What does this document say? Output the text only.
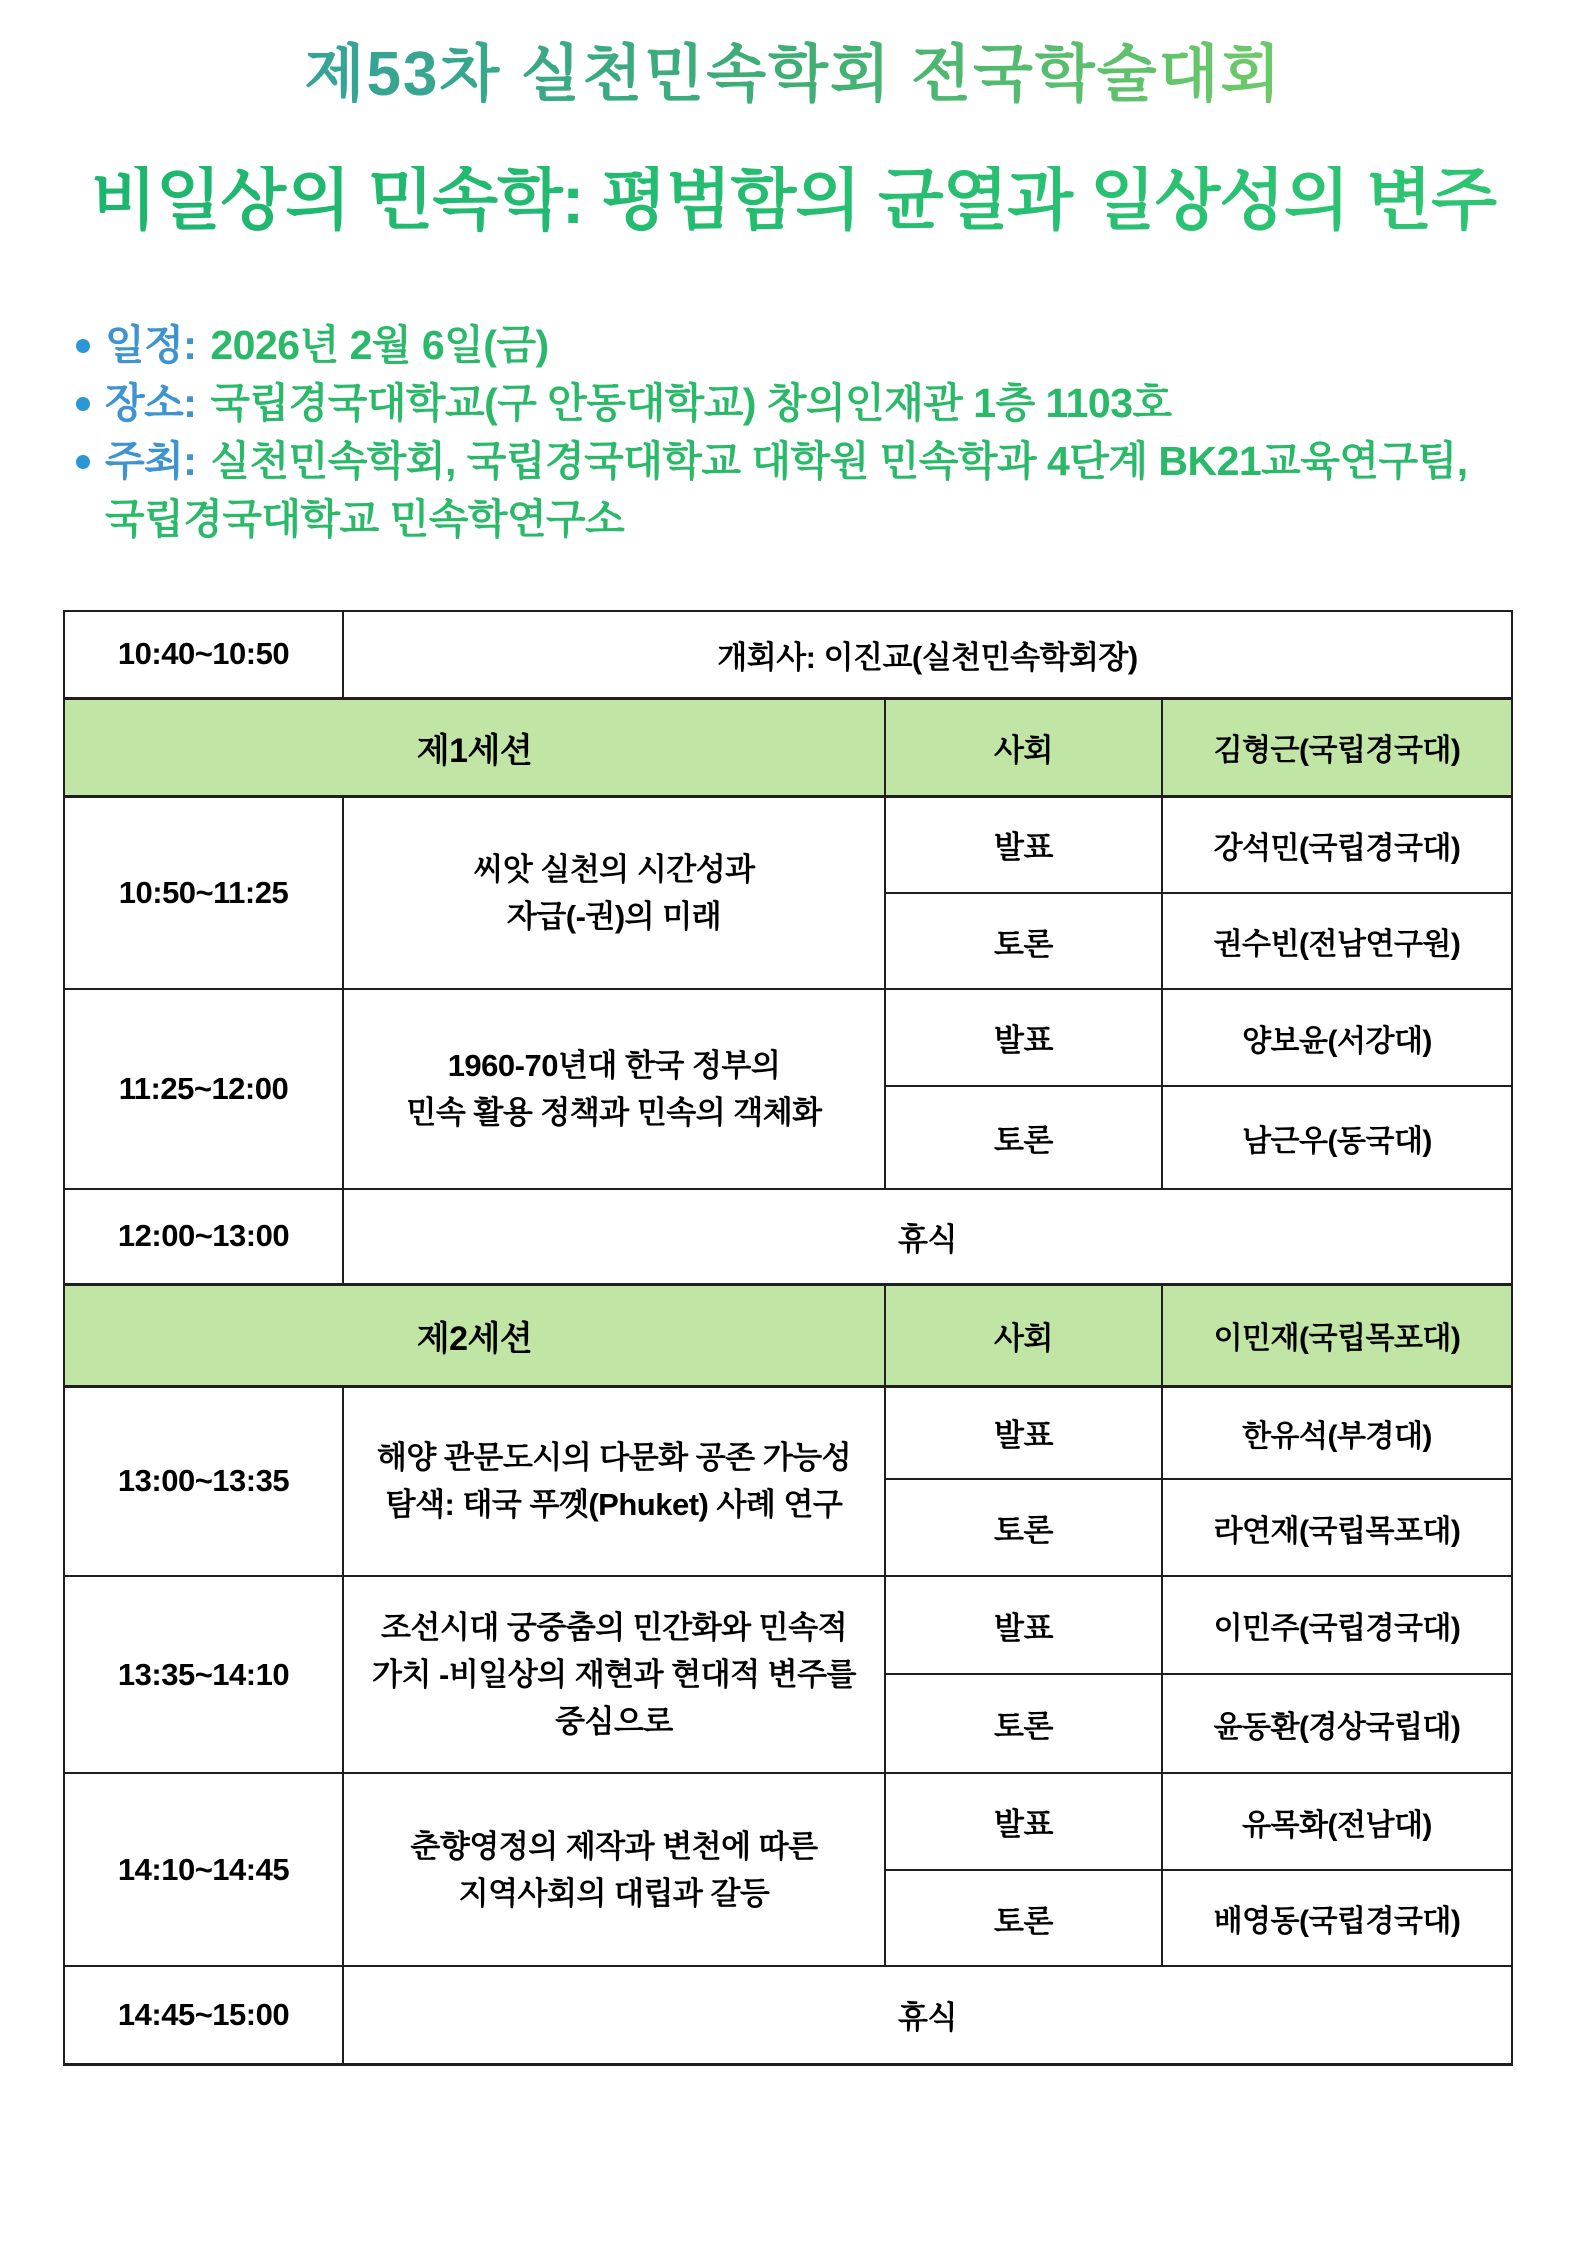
제53차 실천민속학회 전국학술대회
비일상의 민속학: 평범함의 균열과 일상성의 변주
일정: 2026년 2월 6일(금)
장소: 국립경국대학교(구 안동대학교) 창의인재관 1층 1103호
주최: 실천민속학회, 국립경국대학교 대학원 민속학과 4단계 BK21교육연구팀,
국립경국대학교 민속학연구소
10:40~10:50	개회사: 이진교(실천민속학회장)		
제1세션		사회	김형근(국립경국대)
10:50~11:25	씨앗 실천의 시간성과
자급(-권)의 미래	발표	강석민(국립경국대)
		토론	권수빈(전남연구원)
11:25~12:00	1960-70년대 한국 정부의
민속 활용 정책과 민속의 객체화	발표	양보윤(서강대)
		토론	남근우(동국대)
12:00~13:00	휴식		
제2세션		사회	이민재(국립목포대)
13:00~13:35	해양 관문도시의 다문화 공존 가능성
탐색: 태국 푸껫(Phuket) 사례 연구	발표	한유석(부경대)
		토론	라연재(국립목포대)
13:35~14:10	조선시대 궁중춤의 민간화와 민속적
가치 -비일상의 재현과 현대적 변주를
중심으로	발표	이민주(국립경국대)
		토론	윤동환(경상국립대)
14:10~14:45	춘향영정의 제작과 변천에 따른
지역사회의 대립과 갈등	발표	유목화(전남대)
		토론	배영동(국립경국대)
14:45~15:00	휴식		
